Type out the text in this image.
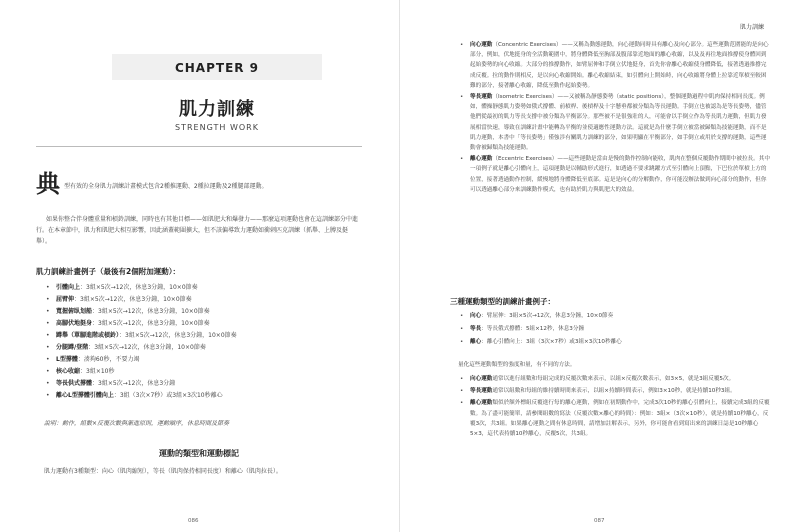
CHAPTER 9
肌力訓練
STRENGTH WORK
典 型有效的全身肌力訓練計畫模式包含2種推運動、2種拉運動及2種腿部運動。
如果你整合伴身體重量和槓鈴訓練，同時也有其他目標——如肌肥大和爆發力——那麼這項運動也會在這訓練部分中進行。在本章節中，肌力和肌肥大相互影響，因此涵蓋範圍擴大，但不該偏導致力運動如衝刺匹克訓練（抓舉、上膊及挺舉）。
肌力訓練計畫例子（最後有2個附加運動）：
• 引體向上：3組×5次→12次，休息3分鐘，10×0節奏
• 屈臂伸：3組×5次→12次，休息3分鐘，10×0節奏
• 寬握俯臥划船：3組×5次→12次，休息3分鐘，10×0節奏
• 高腳伏地挺身：3組×5次→12次，休息3分鐘，10×0節奏
• 蹲舉（單腳進階或槓鈴）：3組×5次→12次，休息3分鐘，10×0節奏
• 分腿蹲/登階：3組×5次→12次，休息3分鐘，10×0節奏
• L型撐體：湊夠60秒，不要力竭
• 核心收縮：3組×10秒
• 等長供式撐體：3組×5次→12次，休息3分鐘
• 離心L型撐體引體向上：3組（3次×7秒）或3組×3次10秒離心
說明：動作，組數×反覆次數與漸進原則，運動順序，休息時間及節奏
運動的類型和運動標記
肌力運動有3種類型：向心（肌肉縮短），等長（肌肉保持相同長度）和離心（肌肉拉長）。
086
肌力訓練
• 向心運動（Concentric Exercises）——又稱為動態運動，向心運動同時具有離心及向心部分。這些運動范圍能的是向心部分，例如，伏地挺身的全活動範圍中，將身體降低至胸部及腹部靠近地面的離心收縮，以及及再往地面推撐使身體回到起始姿勢的向心收縮。大部分的推撐動作，如臂屈伸和手倒立伏地挺身，首先你會離心收縮使身體降低，接著透過推撐完成反覆。拉的動作則相反，是以向心收縮開始。離心收縮結束，如引體向上開始時，向心收縮將身體上拉靠近單槓至較困難的部分，接著離心收縮，降低至動作起始姿勢。
• 等長運動（Isometric Exercises）——又被稱為靜態姿勢（static positions），整個運動過程中肌肉保持相同長度。例如，體操靜態肌力姿勢如俄式撐體、前槓桿、後槓桿及十字懸垂都被分類為等長運動。手倒立也被認為是等長姿勢，儘管他們從最初的肌力等長支撐中被分類為平衡部分。那些被不是很強壯的人，可能會以手倒立作為等長肌力運動，但肌力發展相當快速，導致在訓練計畫中能轉為平衡的並使適應性運動方法。這就是為什麼手倒立被當被歸類為技能運動，而不是肌力運動，本書中「等長姿勢」僅強涉有關肌力訓練的部分，如果明顯在平衡部分，如手倒立或用於支撐的運動，這些運動會被歸類為技能運動。
• 離心運動（Eccentric Exercises）——這些運動是當由是慢的動作控制向能收，肌肉在整個反覆動作期間中被拉長。其中一項例子就是離心引體向上，這項運動是以輔助形式進行，如透過不要求跳躍方式至引體向上頂點，下巴位於單槓上方的位置，接著透過動作控制，緩慢地將身體降低至底部。這是是向心的分解動作，你可能沒辦法做到向心部分的動作，但你可以透過離心部分來訓練動作模式，也有助於肌力與肌肥大的效益。
三種運動類型的訓練計畫例子：
• 向心：臂屈伸：3組×5次→12次，休息3分鐘，10×0節奏
• 等長：等長俄式撐體：5組×12秒，休息3分鐘
• 離心：離心引體向上：3組（3次×7秒）或3組×3次10秒離心
量化這些運動類型的強度和量，有不同的方法。
• 向心運動通常以進行組數和每組完成的反覆次數來表示，以組×反覆次數表示，如3×5，就是3組反覆5次。
• 等長運動通常以組數和每組的維持續時間來表示，以組×持續時間表示，例如3×10秒，就是持續10秒3組。
• 離心運動類似於額外標組反覆進行每的離心運動，例如在初期動作中，完成3次10秒的離心引體向上，接續完成3組的反覆數。為了盡可能簡單，請參閱組數的寫法（反覆次數×離心的時間）：例如：3組×（3次×10秒），就是持續10秒離心，反覆3次，共3組。如果離心運動之間有休息時間，請增加註解表示，另外，你可能會看到寫出來的訓練日誌是10秒離心5×3，這代表持續10秒離心，反覆5次，共3組。
087
